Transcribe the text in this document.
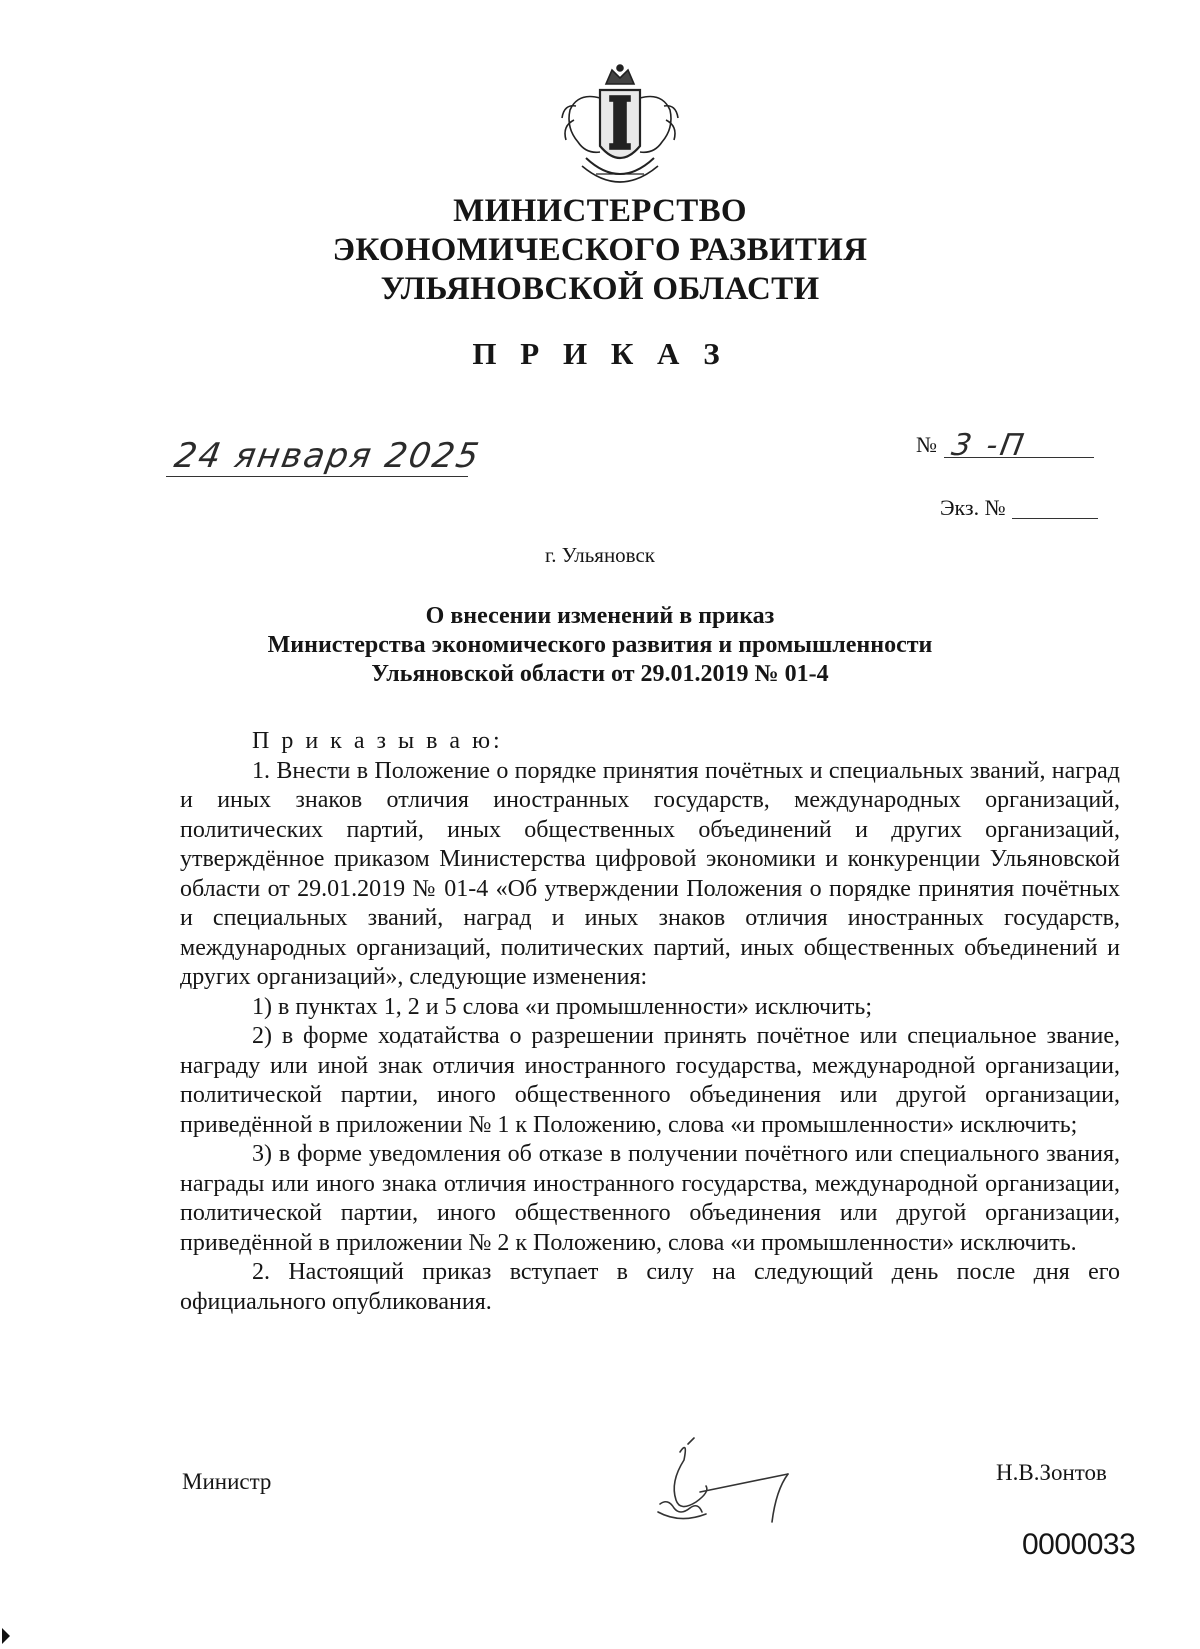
МИНИСТЕРСТВО
ЭКОНОМИЧЕСКОГО РАЗВИТИЯ
УЛЬЯНОВСКОЙ ОБЛАСТИ
П Р И К А З
24 января 2025	№ 3 -П
Экз. №
г. Ульяновск
О внесении изменений в приказ
Министерства экономического развития и промышленности
Ульяновской области от 29.01.2019 № 01-4

П р и к а з ы в а ю:

1. Внести в Положение о порядке принятия почётных и специальных званий, наград и иных знаков отличия иностранных государств, международных организаций, политических партий, иных общественных объединений и других организаций, утверждённое приказом Министерства цифровой экономики и конкуренции Ульяновской области от 29.01.2019 № 01-4 «Об утверждении Положения о порядке принятия почётных и специальных званий, наград и иных знаков отличия иностранных государств, международных организаций, политических партий, иных общественных объединений и других организаций», следующие изменения:

1) в пунктах 1, 2 и 5 слова «и промышленности» исключить;

2) в форме ходатайства о разрешении принять почётное или специальное звание, награду или иной знак отличия иностранного государства, международной организации, политической партии, иного общественного объединения или другой организации, приведённой в приложении № 1 к Положению, слова «и промышленности» исключить;

3) в форме уведомления об отказе в получении почётного или специального звания, награды или иного знака отличия иностранного государства, международной организации, политической партии, иного общественного объединения или другой организации, приведённой в приложении № 2 к Положению, слова «и промышленности» исключить.

2. Настоящий приказ вступает в силу на следующий день после дня его официального опубликования.

Министр	Н.В.Зонтов
0000033
